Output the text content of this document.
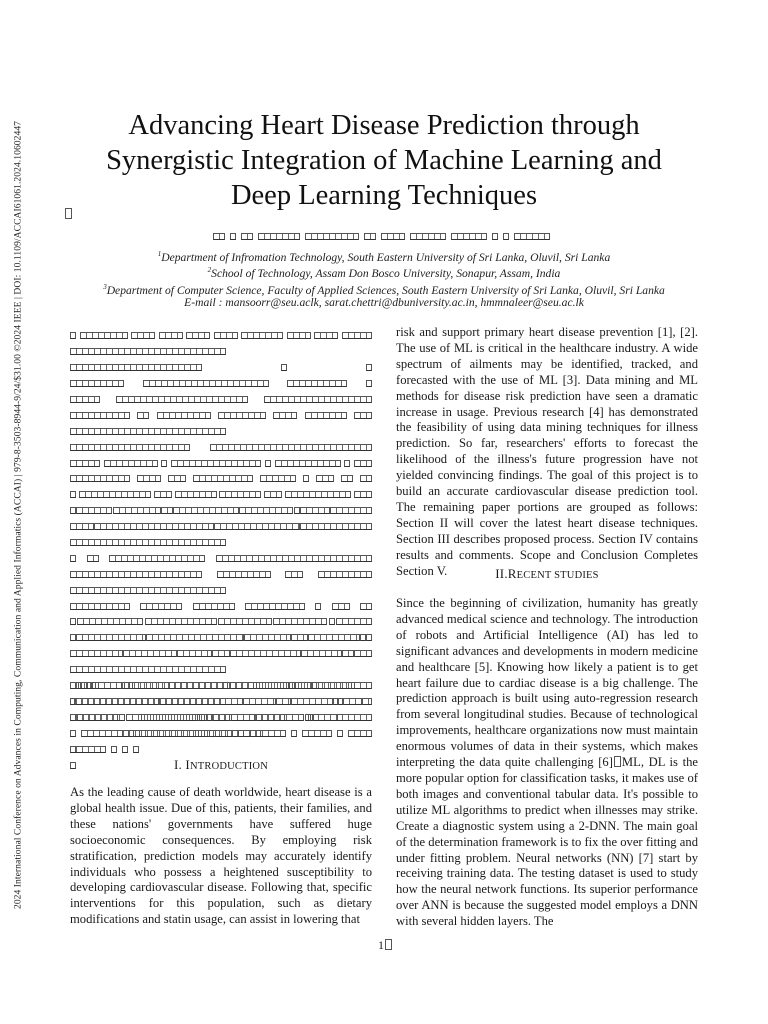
2024 International Conference on Advances in Computing, Communication and Applied Informatics (ACCAI) | 979-8-3503-8944-9/24/$31.00 ©2024 IEEE | DOI: 10.1109/ACCAI61061.2024.10602447	Advancing Heart Disease Prediction through
Synergistic Integration of Machine Learning and
Deep Learning Techniques
$^1$Department of Infromation Technology, South Eastern University of Sri Lanka, Oluvil, Sri Lanka
$^2$School of Technology, Assam Don Bosco University, Sonapur, Assam, India
$^3$Department of Computer Science, Faculty of Applied Sciences, South Eastern University of Sri Lanka, Oluvil, Sri Lanka
E-mail : mansoorr@seu.aclk, sarat.chettri@dbuniversity.ac.in, hmmnaleer@seu.ac.lk
I. INTRODUCTION
As the leading cause of death worldwide, heart disease is a global health issue. Due of this, patients, their families, and these nations' governments have suffered huge socioeconomic consequences. By employing risk stratification, prediction models may accurately identify individuals who possess a heightened susceptibility to developing cardiovascular disease. Following that, specific interventions for this population, such as dietary modifications and statin usage, can assist in lowering that
risk and support primary heart disease prevention [1], [2]. The use of ML is critical in the healthcare industry. A wide spectrum of ailments may be identified, tracked, and forecasted with the use of ML [3]. Data mining and ML methods for disease risk prediction have seen a dramatic increase in usage. Previous research [4] has demonstrated the feasibility of using data mining techniques for illness prediction. So far, researchers' efforts to forecast the likelihood of the illness's future progression have not yielded convincing findings. The goal of this project is to build an accurate cardiovascular disease prediction tool. The remaining paper portions are grouped as follows: Section II will cover the latest heart disease techniques. Section III describes proposed process. Section IV contains results and comments. Scope and Conclusion Completes Section V.	II.RECENT STUDIES
Since the beginning of civilization, humanity has greatly advanced medical science and technology. The introduction of robots and Artificial Intelligence (AI) has led to significant advances and developments in modern medicine and healthcare [5]. Knowing how likely a patient is to get heart failure due to cardiac disease is a big challenge. The prediction approach is built using auto-regression research from several longitudinal studies. Because of technological improvements, healthcare organizations now must maintain enormous volumes of data in their systems, which makes interpreting the data quite challenging [6] ML, DL is the more popular option for classification tasks, it makes use of both images and conventional tabular data. It's possible to utilize ML algorithms to predict when illnesses may strike. Create a diagnostic system using a 2-DNN. The main goal of the determination framework is to fix the over fitting and under fitting problem. Neural networks (NN) [7] start by receiving training data. The testing dataset is used to study how the neural network functions. Its superior performance over ANN is because the suggested model employs a DNN with several hidden layers. The
1
